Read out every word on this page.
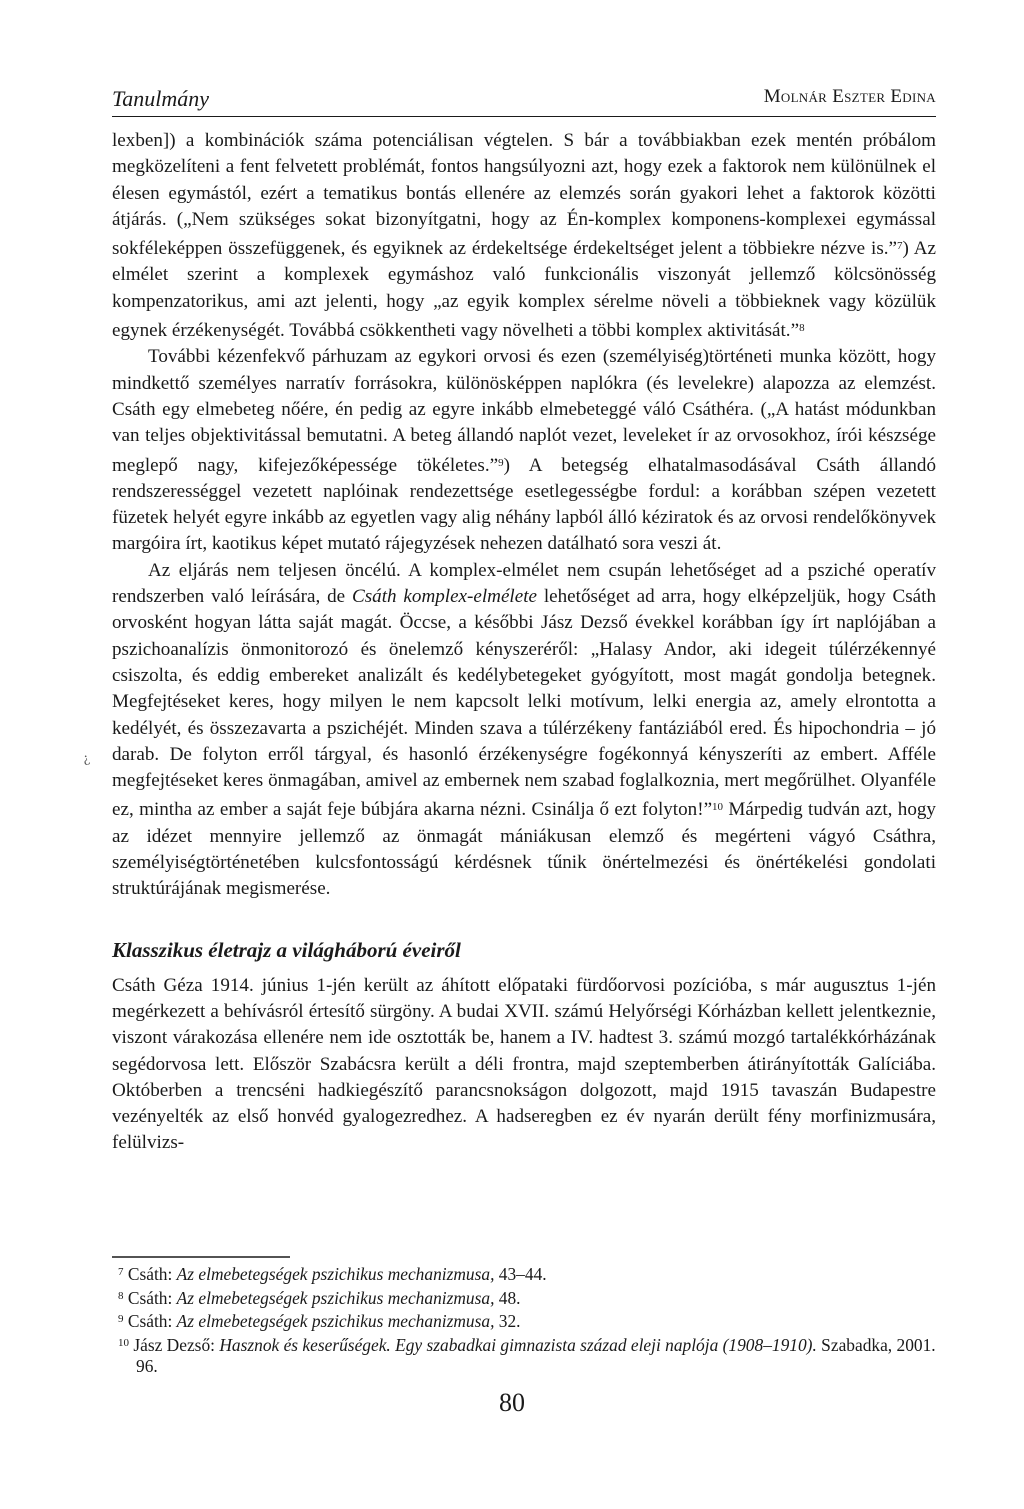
Tanulmány	Molnár Eszter Edina
¿

lexben]) a kombinációk száma potenciálisan végtelen. S bár a továbbiakban ezek mentén próbálom megközelíteni a fent felvetett problémát, fontos hangsúlyozni azt, hogy ezek a faktorok nem különülnek el élesen egymástól, ezért a tematikus bontás ellenére az elemzés során gyakori lehet a faktorok közötti átjárás. („Nem szükséges sokat bizonyítgatni, hogy az Én-komplex komponens-komplexei egymással sokféleképpen összefüggenek, és egyiknek az érdekeltsége érdekeltséget jelent a többiekre nézve is.”$^7$) Az elmélet szerint a komplexek egymáshoz való funkcionális viszonyát jellemző kölcsönösség kompenzatorikus, ami azt jelenti, hogy „az egyik komplex sérelme növeli a többieknek vagy közülük egynek érzékenységét. Továbbá csökkentheti vagy növelheti a többi komplex aktivitását.”$^8$

További kézenfekvő párhuzam az egykori orvosi és ezen (személyiség)történeti munka között, hogy mindkettő személyes narratív forrásokra, különösképpen naplókra (és levelekre) alapozza az elemzést. Csáth egy elmebeteg nőére, én pedig az egyre inkább elmebeteggé váló Csáthéra. („A hatást módunkban van teljes objektivitással bemutatni. A beteg állandó naplót vezet, leveleket ír az orvosokhoz, írói készsége meglepő nagy, kifejezőképessége tökéletes.”$^9$) A betegség elhatalmasodásával Csáth állandó rendszerességgel vezetett naplóinak rendezettsége esetlegességbe fordul: a korábban szépen vezetett füzetek helyét egyre inkább az egyetlen vagy alig néhány lapból álló kéziratok és az orvosi rendelőkönyvek margóira írt, kaotikus képet mutató rájegyzések nehezen datálható sora veszi át.

Az eljárás nem teljesen öncélú. A komplex-elmélet nem csupán lehetőséget ad a psziché operatív rendszerben való leírására, de Csáth komplex-elmélete lehetőséget ad arra, hogy elképzeljük, hogy Csáth orvosként hogyan látta saját magát. Öccse, a későbbi Jász Dezső évekkel korábban így írt naplójában a pszichoanalízis önmonitorozó és önelemző kényszeréről: „Halasy Andor, aki idegeit túlérzékennyé csiszolta, és eddig embereket analizált és kedélybetegeket gyógyított, most magát gondolja betegnek. Megfejtéseket keres, hogy milyen le nem kapcsolt lelki motívum, lelki energia az, amely elrontotta a kedélyét, és összezavarta a pszichéjét. Minden szava a túlérzékeny fantáziából ered. És hipochondria – jó darab. De folyton erről tárgyal, és hasonló érzékenységre fogékonnyá kényszeríti az embert. Afféle megfejtéseket keres önmagában, amivel az embernek nem szabad foglalkoznia, mert megőrülhet. Olyanféle ez, mintha az ember a saját feje búbjára akarna nézni. Csinálja ő ezt folyton!”$^{10}$ Márpedig tudván azt, hogy az idézet mennyire jellemző az önmagát mániákusan elemző és megérteni vágyó Csáthra, személyiségtörténetében kulcsfontosságú kérdésnek tűnik önértelmezési és önértékelési gondolati struktúrájának megismerése.

Klasszikus életrajz a világháború éveiről

Csáth Géza 1914. június 1-jén került az áhított előpataki fürdőorvosi pozícióba, s már augusztus 1-jén megérkezett a behívásról értesítő sürgöny. A budai XVII. számú Helyőrségi Kórházban kellett jelentkeznie, viszont várakozása ellenére nem ide osztották be, hanem a IV. hadtest 3. számú mozgó tartalékkórházának segédorvosa lett. Először Szabácsra került a déli frontra, majd szeptemberben átirányították Galíciába. Októberben a trencséni hadkiegészítő parancsnokságon dolgozott, majd 1915 tavaszán Budapestre vezényelték az első honvéd gyalogezredhez. A hadseregben ez év nyarán derült fény morfinizmusára, felülvizs-

$^7$ Csáth: Az elmebetegségek pszichikus mechanizmusa, 43–44.

$^8$ Csáth: Az elmebetegségek pszichikus mechanizmusa, 48.

$^9$ Csáth: Az elmebetegségek pszichikus mechanizmusa, 32.

$^{10}$ Jász Dezső: Hasznok és keserűségek. Egy szabadkai gimnazista század eleji naplója (1908–1910). Szabadka, 2001. 96.

80
